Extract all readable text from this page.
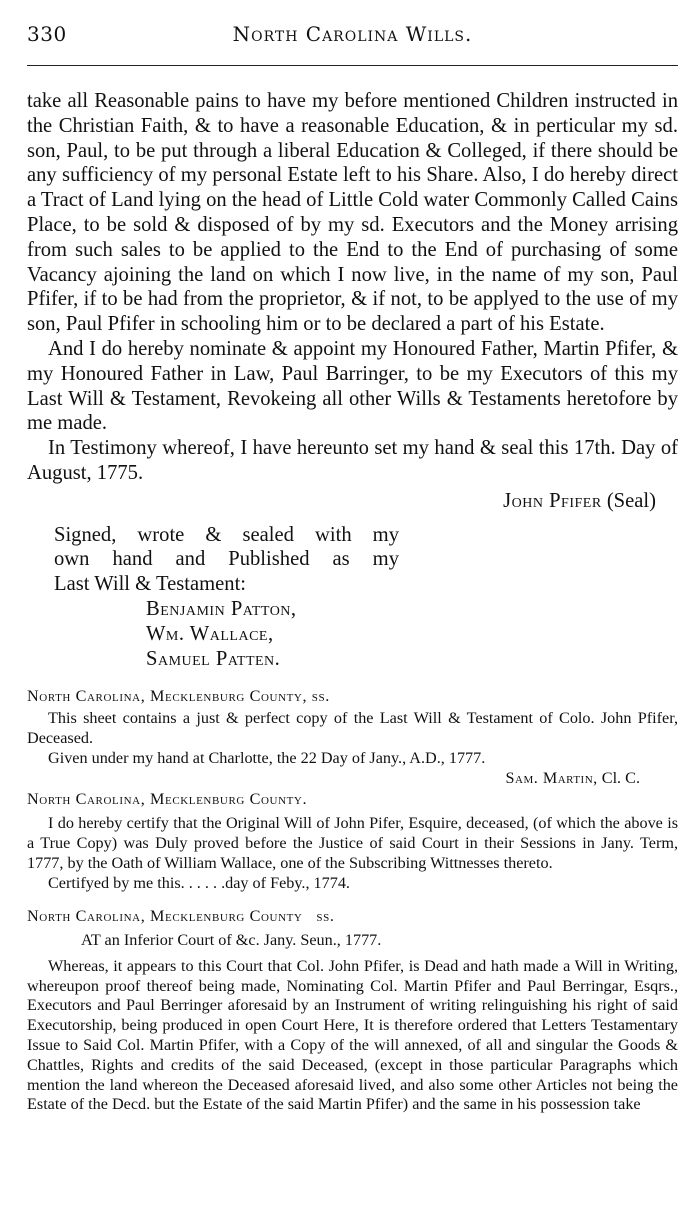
330	North Carolina Wills.

take all Reasonable pains to have my before mentioned Children instructed in the Christian Faith, & to have a reasonable Education, & in perticular my sd. son, Paul, to be put through a liberal Education & Colleged, if there should be any sufficiency of my personal Estate left to his Share. Also, I do hereby direct a Tract of Land lying on the head of Little Cold water Commonly Called Cains Place, to be sold & disposed of by my sd. Executors and the Money arrising from such sales to be applied to the End to the End of purchasing of some Vacancy ajoining the land on which I now live, in the name of my son, Paul Pfifer, if to be had from the proprietor, & if not, to be applyed to the use of my son, Paul Pfifer in schooling him or to be declared a part of his Estate.

And I do hereby nominate & appoint my Honoured Father, Martin Pfifer, & my Honoured Father in Law, Paul Barringer, to be my Executors of this my Last Will & Testament, Revokeing all other Wills & Testaments heretofore by me made.

In Testimony whereof, I have hereunto set my hand & seal this 17th. Day of August, 1775.

John Pfifer (Seal)
Signed, wrote & sealed with my
own hand and Published as my
Last Will & Testament:
Benjamin Patton,
Wm. Wallace,
Samuel Patten.
North Carolina, Mecklenburg County, ss.

This sheet contains a just & perfect copy of the Last Will & Testament of Colo. John Pfifer, Deceased.

Given under my hand at Charlotte, the 22 Day of Jany., A.D., 1777.

Sam. Martin, Cl. C.
North Carolina, Mecklenburg County.

I do hereby certify that the Original Will of John Pifer, Esquire, deceased, (of which the above is a True Copy) was Duly proved before the Justice of said Court in their Sessions in Jany. Term, 1777, by the Oath of William Wallace, one of the Subscribing Wittnesses thereto.

Certifyed by me this. . . . . .day of Feby., 1774.

North Carolina, Mecklenburg County   ss.
AT an Inferior Court of &c. Jany. Seun., 1777.

Whereas, it appears to this Court that Col. John Pfifer, is Dead and hath made a Will in Writing, whereupon proof thereof being made, Nominating Col. Martin Pfifer and Paul Berringar, Esqrs., Executors and Paul Berringer aforesaid by an Instrument of writing relinguishing his right of said Executorship, being produced in open Court Here, It is therefore ordered that Letters Testamentary Issue to Said Col. Martin Pfifer, with a Copy of the will annexed, of all and singular the Goods & Chattles, Rights and credits of the said Deceased, (except in those particular Paragraphs which mention the land whereon the Deceased aforesaid lived, and also some other Articles not being the Estate of the Decd. but the Estate of the said Martin Pfifer) and the same in his possession take
